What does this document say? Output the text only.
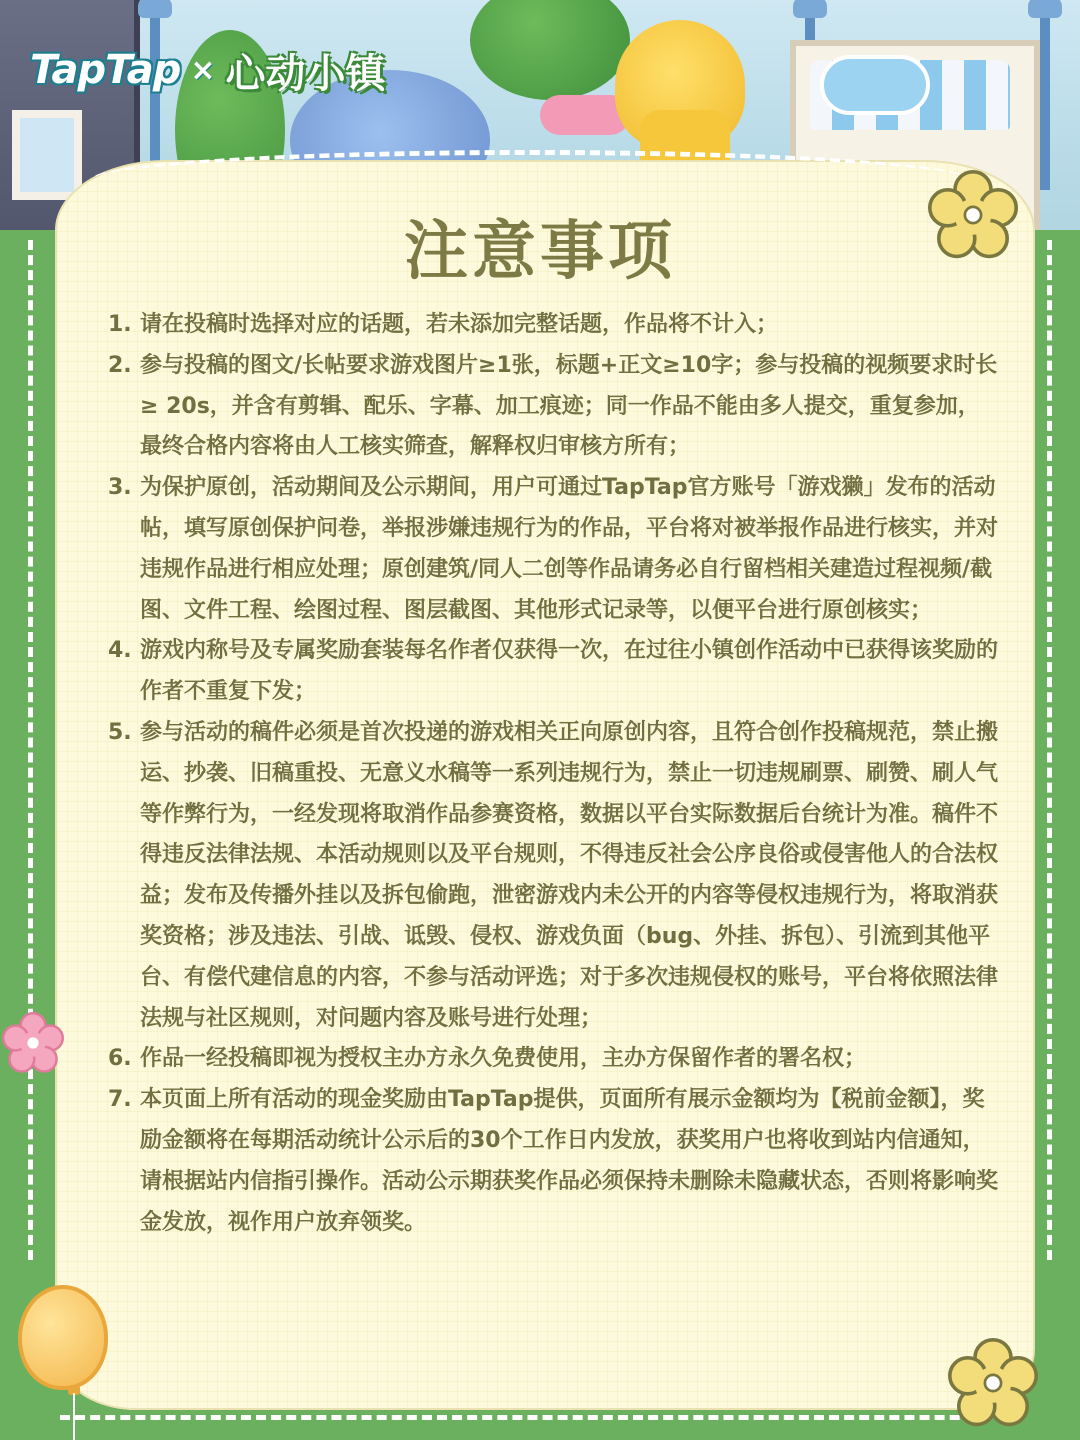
TapTap × 心动小镇
注意事项
1. 请在投稿时选择对应的话题，若未添加完整话题，作品将不计入；
2. 参与投稿的图文/长帖要求游戏图片≥1张，标题+正文≥10字；参与投稿的视频要求时长 ≥ 20s，并含有剪辑、配乐、字幕、加工痕迹；同一作品不能由多人提交，重复参加，最终合格内容将由人工核实筛查，解释权归审核方所有；
3. 为保护原创，活动期间及公示期间，用户可通过TapTap官方账号「游戏獭」发布的活动帖，填写原创保护问卷，举报涉嫌违规行为的作品，平台将对被举报作品进行核实，并对违规作品进行相应处理；原创建筑/同人二创等作品请务必自行留档相关建造过程视频/截图、文件工程、绘图过程、图层截图、其他形式记录等，以便平台进行原创核实；
4. 游戏内称号及专属奖励套装每名作者仅获得一次，在过往小镇创作活动中已获得该奖励的作者不重复下发；
5. 参与活动的稿件必须是首次投递的游戏相关正向原创内容，且符合创作投稿规范，禁止搬运、抄袭、旧稿重投、无意义水稿等一系列违规行为，禁止一切违规刷票、刷赞、刷人气等作弊行为，一经发现将取消作品参赛资格，数据以平台实际数据后台统计为准。稿件不得违反法律法规、本活动规则以及平台规则，不得违反社会公序良俗或侵害他人的合法权益；发布及传播外挂以及拆包偷跑，泄密游戏内未公开的内容等侵权违规行为，将取消获奖资格；涉及违法、引战、诋毁、侵权、游戏负面（bug、外挂、拆包）、引流到其他平台、有偿代建信息的内容，不参与活动评选；对于多次违规侵权的账号，平台将依照法律法规与社区规则，对问题内容及账号进行处理；
6. 作品一经投稿即视为授权主办方永久免费使用，主办方保留作者的署名权；
7. 本页面上所有活动的现金奖励由TapTap提供，页面所有展示金额均为【税前金额】，奖励金额将在每期活动统计公示后的30个工作日内发放，获奖用户也将收到站内信通知，请根据站内信指引操作。活动公示期获奖作品必须保持未删除未隐藏状态，否则将影响奖金发放，视作用户放弃领奖。
